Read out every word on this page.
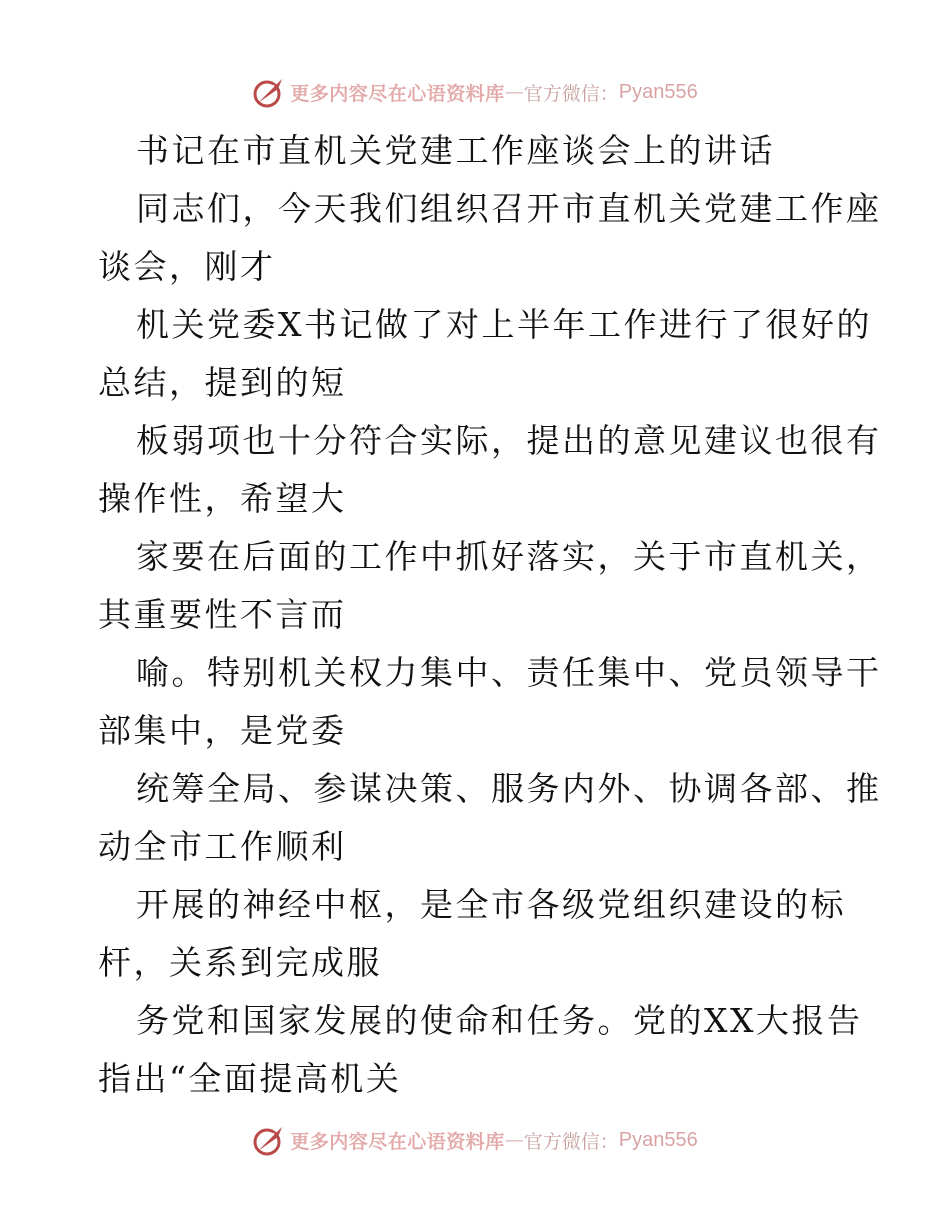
更多内容尽在心语资料库 — 官方微信： Pyan556
书记在市直机关党建工作座谈会上的讲话
同志们，今天我们组织召开市直机关党建工作座
谈会，刚才
机关党委X书记做了对上半年工作进行了很好的
总结，提到的短
板弱项也十分符合实际，提出的意见建议也很有
操作性，希望大
家要在后面的工作中抓好落实，关于市直机关，
其重要性不言而
喻。特别机关权力集中、责任集中、党员领导干
部集中，是党委
统筹全局、参谋决策、服务内外、协调各部、推
动全市工作顺利
开展的神经中枢，是全市各级党组织建设的标
杆，关系到完成服
务党和国家发展的使命和任务。党的XX大报告
指出“全面提高机关
更多内容尽在心语资料库 — 官方微信： Pyan556
